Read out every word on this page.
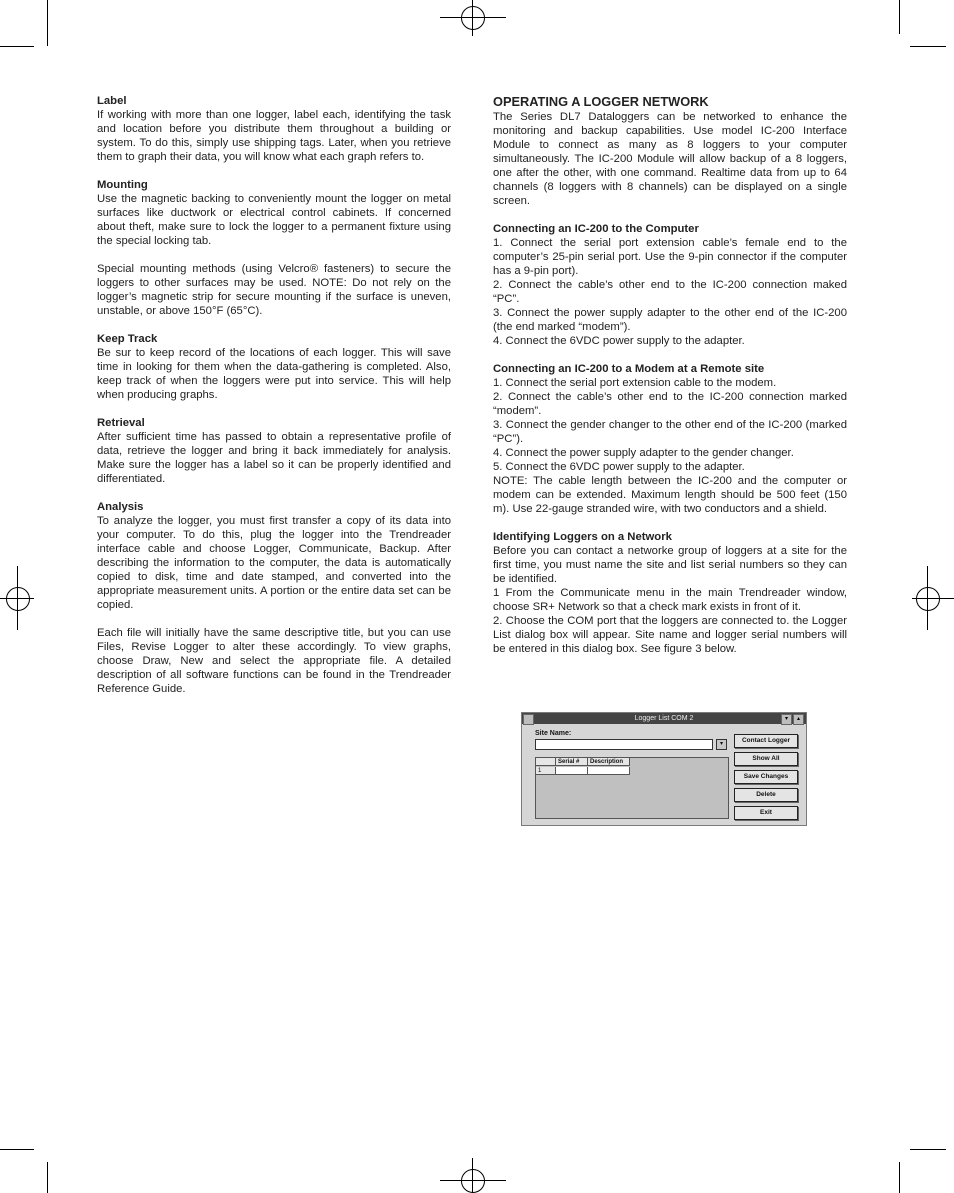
Label

If working with more than one logger, label each, identifying the task and location before you distribute them throughout a building or system. To do this, simply use shipping tags. Later, when you retrieve them to graph their data, you will know what each graph refers to.

Mounting

Use the magnetic backing to conveniently mount the logger on metal surfaces like ductwork or electrical control cabinets. If concerned about theft, make sure to lock the logger to a permanent fixture using the special locking tab.

Special mounting methods (using Velcro® fasteners) to secure the loggers to other surfaces may be used. NOTE: Do not rely on the logger’s magnetic strip for secure mounting if the surface is uneven, unstable, or above 150°F (65°C).

Keep Track

Be sur to keep record of the locations of each logger. This will save time in looking for them when the data-gathering is completed. Also, keep track of when the loggers were put into service. This will help when producing graphs.

Retrieval

After sufficient time has passed to obtain a representative profile of data, retrieve the logger and bring it back immediately for analysis. Make sure the logger has a label so it can be properly identified and differentiated.

Analysis

To analyze the logger, you must first transfer a copy of its data into your computer. To do this, plug the logger into the Trendreader interface cable and choose Logger, Communicate, Backup. After describing the information to the computer, the data is automatically copied to disk, time and date stamped, and converted into the appropriate measurement units. A portion or the entire data set can be copied.

Each file will initially have the same descriptive title, but you can use Files, Revise Logger to alter these accordingly. To view graphs, choose Draw, New and select the appropriate file. A detailed description of all software functions can be found in the Trendreader Reference Guide.

OPERATING A LOGGER NETWORK

The Series DL7 Dataloggers can be networked to enhance the monitoring and backup capabilities. Use model IC-200 Interface Module to connect as many as 8 loggers to your computer simultaneously. The IC-200 Module will allow backup of a 8 loggers, one after the other, with one command. Realtime data from up to 64 channels (8 loggers with 8 channels) can be displayed on a single screen.

Connecting an IC-200 to the Computer

1. Connect the serial port extension cable’s female end to the computer’s 25-pin serial port. Use the 9-pin connector if the computer has a 9-pin port).

2. Connect the cable’s other end to the IC-200 connection maked “PC”.

3. Connect the power supply adapter to the other end of the IC-200 (the end marked “modem”).

4. Connect the 6VDC power supply to the adapter.

Connecting an IC-200 to a Modem at a Remote site

1. Connect the serial port extension cable to the modem.

2. Connect the cable’s other end to the IC-200 connection marked “modem”.

3. Connect the gender changer to the other end of the IC-200 (marked “PC”).

4. Connect the power supply adapter to the gender changer.

5. Connect the 6VDC power supply to the adapter.

NOTE: The cable length between the IC-200 and the computer or modem can be extended. Maximum length should be 500 feet (150 m). Use 22-gauge stranded wire, with two conductors and a shield.

Identifying Loggers on a Network

Before you can contact a networke group of loggers at a site for the first time, you must name the site and list serial numbers so they can be identified.

1 From the Communicate menu in the main Trendreader window, choose SR+ Network so that a check mark exists in front of it.

2. Choose the COM port that the loggers are connected to. the Logger List dialog box will appear. Site name and logger serial numbers will be entered in this dialog box. See figure 3 below.

Logger List COM 2	▾	▴
Site Name:
▾
Serial #	Description
1
Contact Logger
Show All
Save Changes
Delete
Exit
